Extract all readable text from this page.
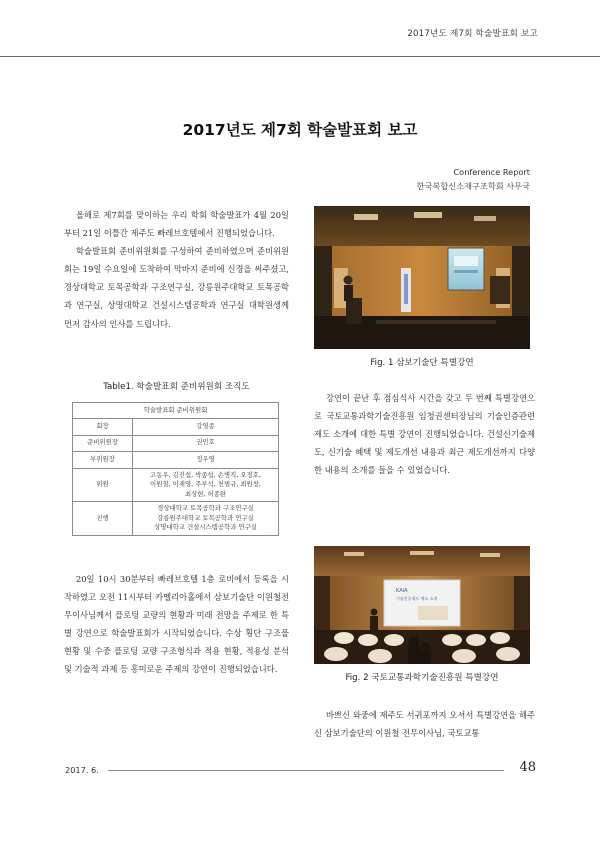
2017년도 제7회 학술발표회 보고
2017년도 제7회 학술발표회 보고
Conference Report
한국복합신소재구조학회 사무국

올해로 제7회를 맞이하는 우리 학회 학술발표가 4월 20일부터 21일 이틀간 제주도 빠레브호텔에서 진행되었습니다.

학술발표회 준비위원회를 구성하여 준비하였으며 준비위원회는 19일 수요일에 도착하여 막바지 준비에 신경을 써주셨고, 경상대학교 토목공학과 구조연구실, 강릉원주대학교 토목공학과 연구실, 상명대학교 건설시스템공학과 연구실 대학원생께 먼저 감사의 인사를 드립니다.

Table1. 학술발표회 준비위원회 조직도
학술발표회 준비위원회	
회장	강영종
준비위원장	권민호
부위원장	정우영
위원	고동우, 김진섭, 박종섭, 손병직, 오정호,
이원철, 이재영, 주부석, 천범규, 최원창,
최상현, 허종완

진행	경상대학교 토목공학과 구조연구실
강릉원주대학교 토목공학과 연구실
상명대학교 건설시스템공학과 연구실

20일 10시 30분부터 빠레브호텔 1층 로비에서 등록을 시작하였고 오전 11시부터 카멜리아홀에서 삼보기술단 이원철전무이사님께서 플로팅 교량의 현황과 미래 전망을 주제로 한 특별 강연으로 학술발표회가 시작되었습니다. 수상 횡단 구조물 현황 및 수중 플로팅 교량 구조형식과 적용 현황, 적용성 분석 및 기술적 과제 등 흥미로운 주제의 강연이 진행되었습니다.

Fig. 1 삼보기술단 특별강연

강연이 끝난 후 점심식사 시간을 갖고 두 번째 특별강연으로 국토교통과학기술진흥원 임청권센터장님의 기술인증관련 제도 소개에 대한 특별 강연이 진행되었습니다. 건설신기술제도, 신기술 혜택 및 제도개선 내용과 최근 제도개선까지 다양한 내용의 소개를 들을 수 있었습니다.

KAIA
기술인증제도 제도 소개
Fig. 2 국토교통과학기술진흥원 특별강연

바쁘신 와중에 제주도 서귀포까지 오셔서 특별강연을 해주신 삼보기술단의 이원철 전무이사님, 국토교통

2017. 6.	48
